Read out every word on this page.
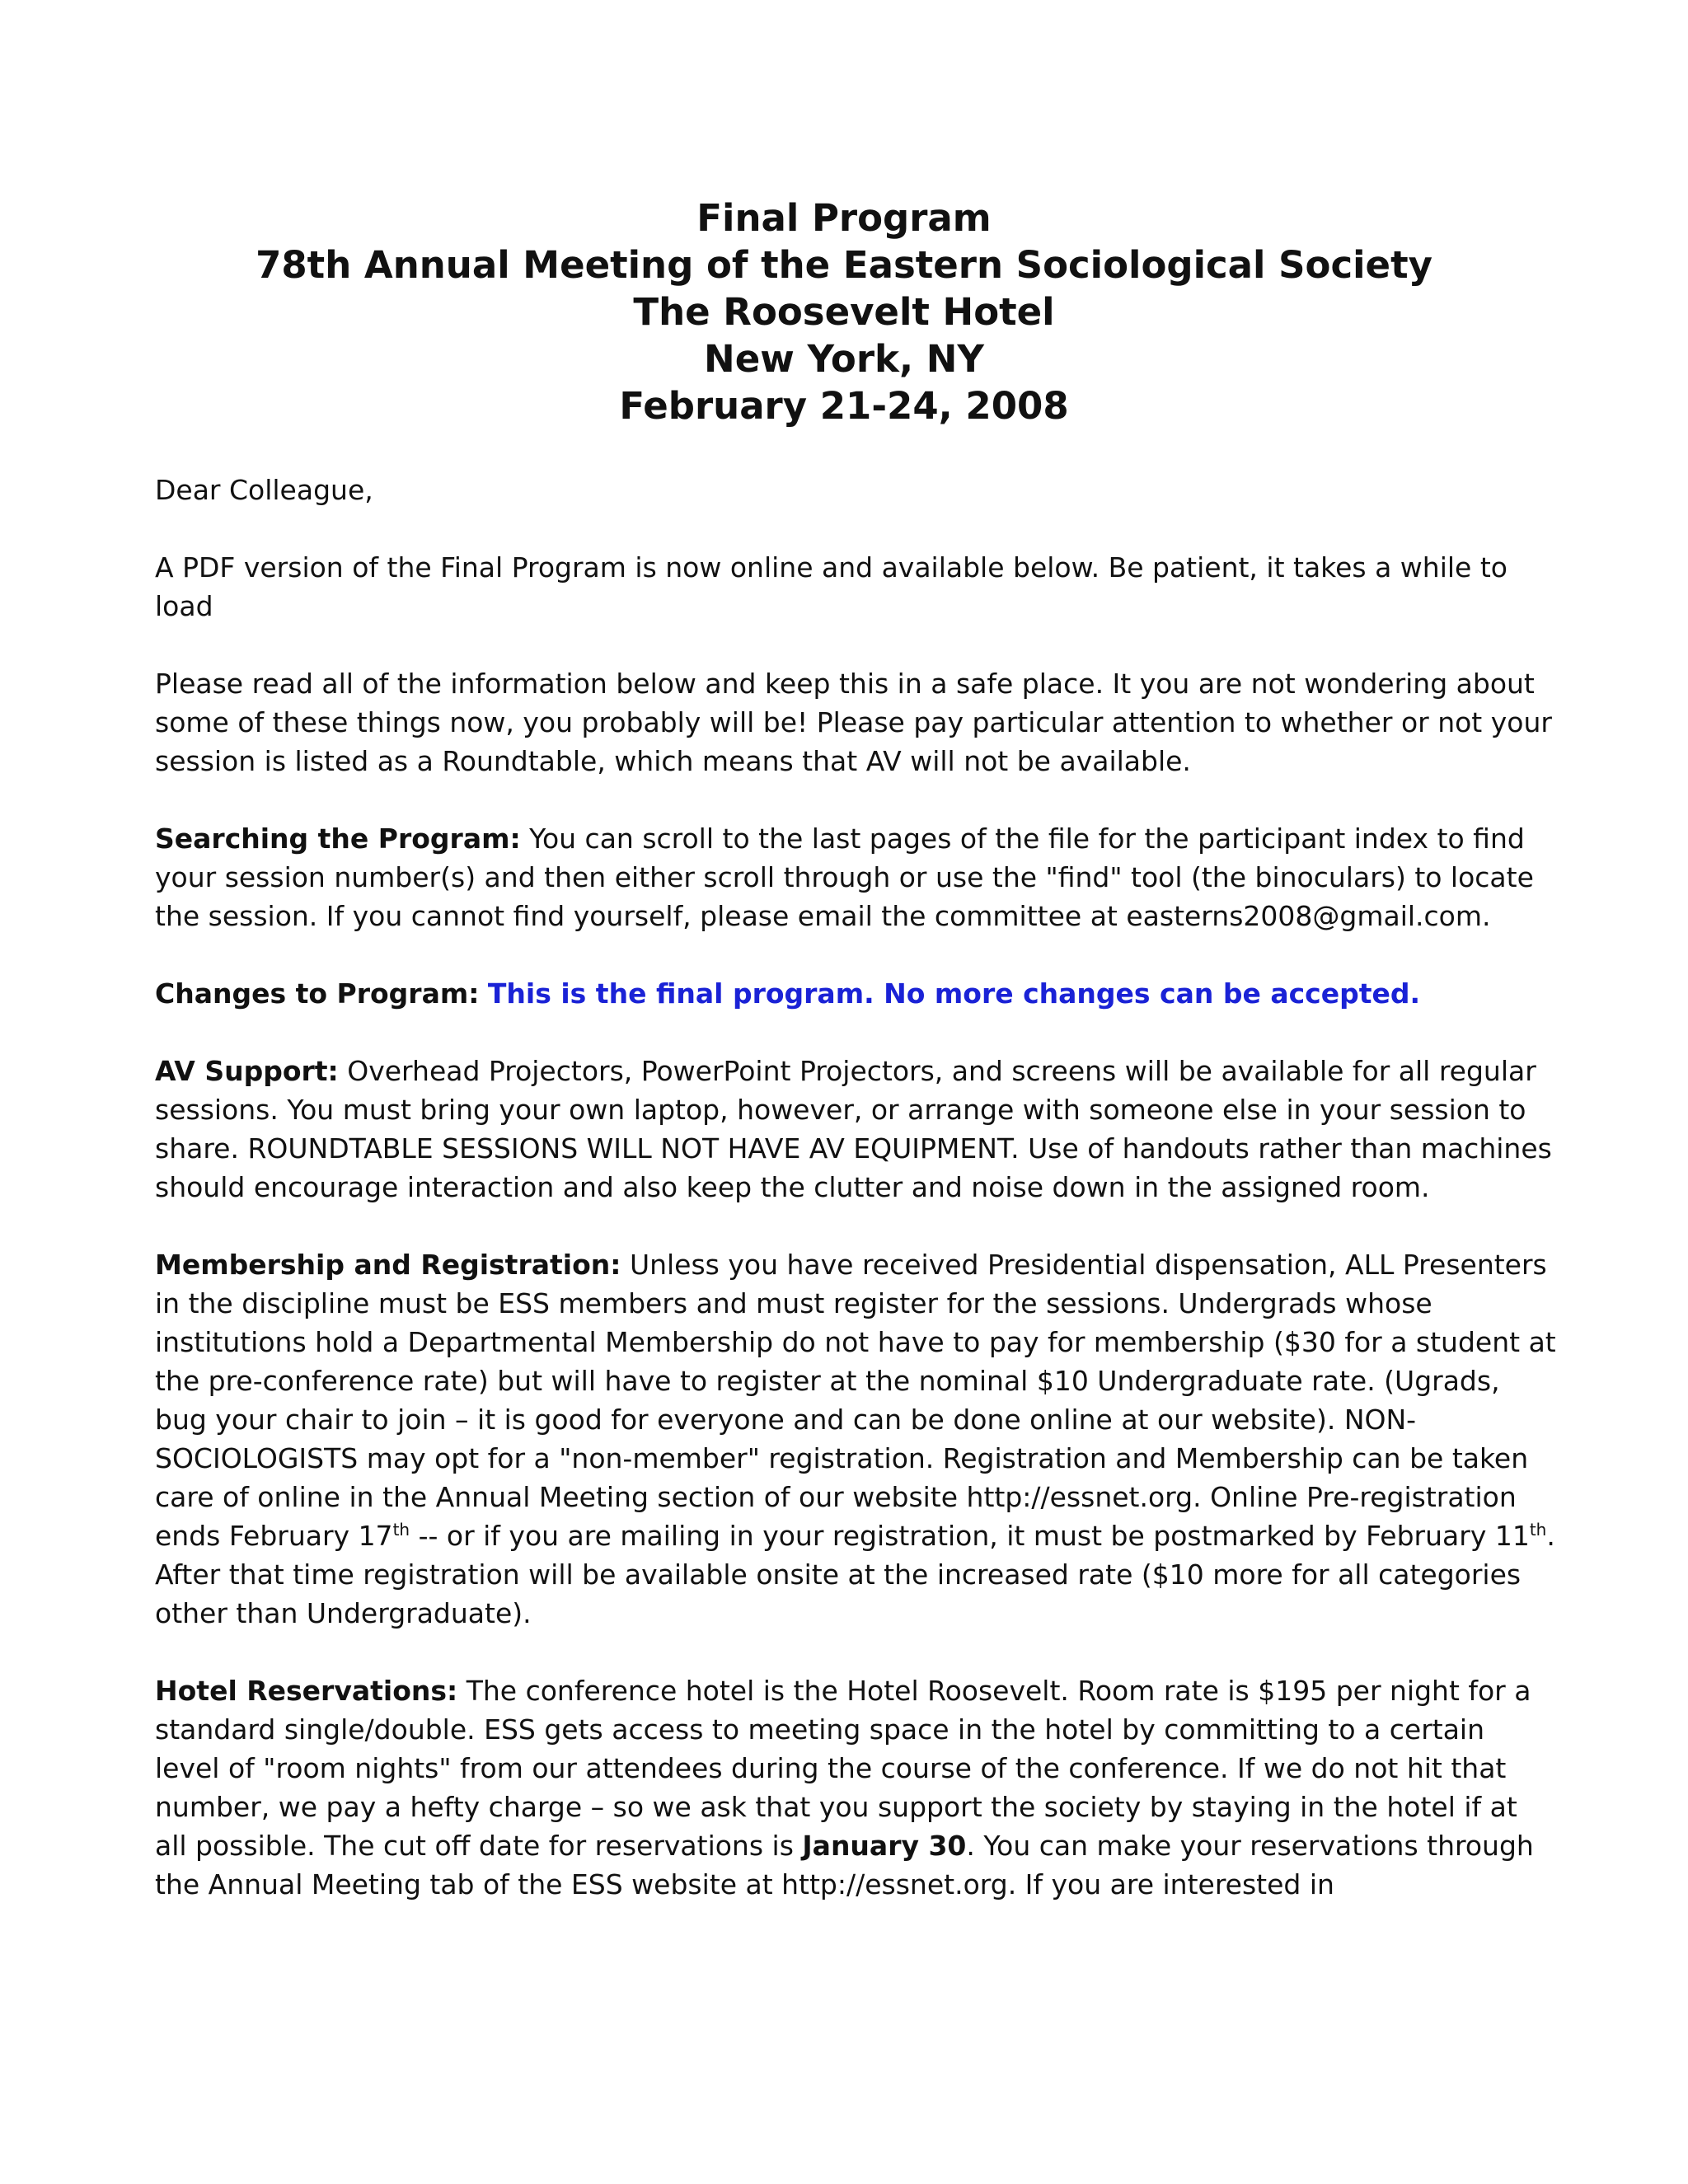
Final Program
78th Annual Meeting of the Eastern Sociological Society
The Roosevelt Hotel
New York, NY
February 21-24, 2008

Dear Colleague,

A PDF version of the Final Program is now online and available below. Be patient, it takes a while to load

Please read all of the information below and keep this in a safe place. It you are not wondering about some of these things now, you probably will be! Please pay particular attention to whether or not your session is listed as a Roundtable, which means that AV will not be available.

Searching the Program: You can scroll to the last pages of the file for the participant index to find your session number(s) and then either scroll through or use the "find" tool (the binoculars) to locate the session. If you cannot find yourself, please email the committee at easterns2008@gmail.com.

Changes to Program: This is the final program. No more changes can be accepted.

AV Support: Overhead Projectors, PowerPoint Projectors, and screens will be available for all regular sessions. You must bring your own laptop, however, or arrange with someone else in your session to share. ROUNDTABLE SESSIONS WILL NOT HAVE AV EQUIPMENT. Use of handouts rather than machines should encourage interaction and also keep the clutter and noise down in the assigned room.

Membership and Registration: Unless you have received Presidential dispensation, ALL Presenters in the discipline must be ESS members and must register for the sessions. Undergrads whose institutions hold a Departmental Membership do not have to pay for membership ($30 for a student at the pre-conference rate) but will have to register at the nominal $10 Undergraduate rate. (Ugrads, bug your chair to join – it is good for everyone and can be done online at our website). NON-SOCIOLOGISTS may opt for a "non-member" registration. Registration and Membership can be taken care of online in the Annual Meeting section of our website http://essnet.org. Online Pre-registration ends February 17th -- or if you are mailing in your registration, it must be postmarked by February 11th. After that time registration will be available onsite at the increased rate ($10 more for all categories other than Undergraduate).

Hotel Reservations: The conference hotel is the Hotel Roosevelt. Room rate is $195 per night for a standard single/double. ESS gets access to meeting space in the hotel by committing to a certain level of "room nights" from our attendees during the course of the conference. If we do not hit that number, we pay a hefty charge – so we ask that you support the society by staying in the hotel if at all possible. The cut off date for reservations is January 30. You can make your reservations through the Annual Meeting tab of the ESS website at http://essnet.org. If you are interested in
